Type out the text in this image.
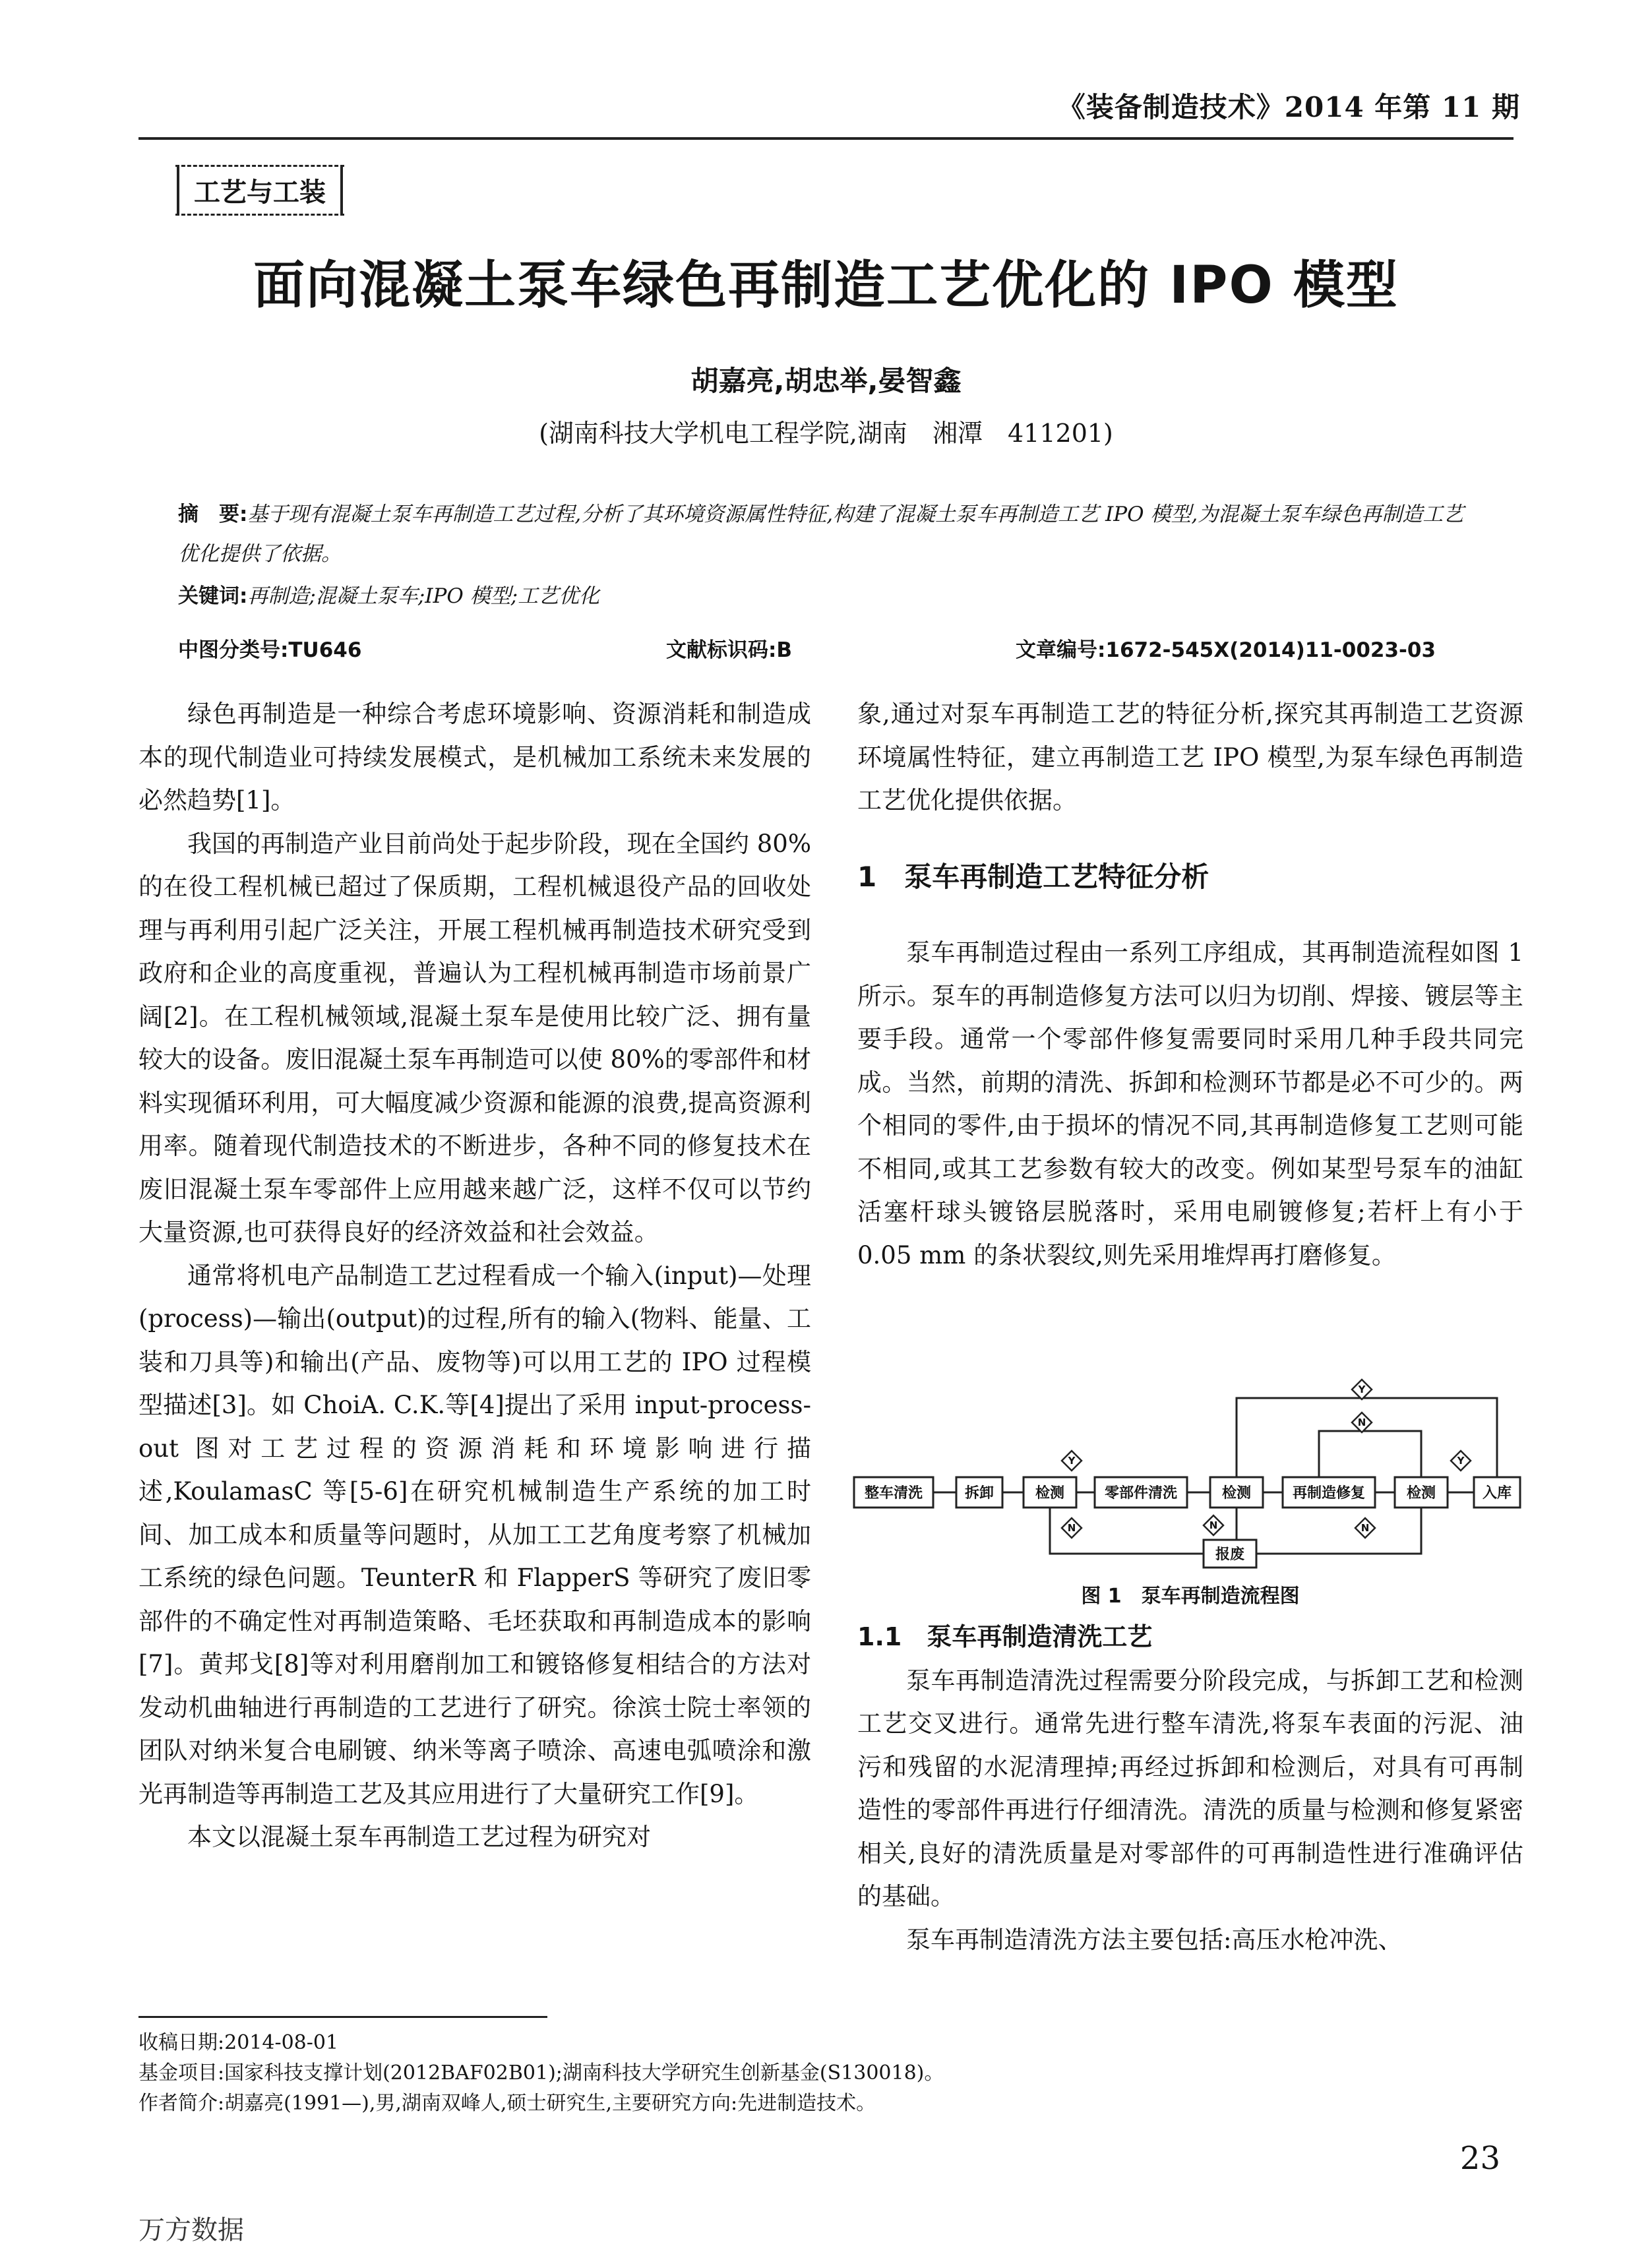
《装备制造技术》2014 年第 11 期
工艺与工装
面向混凝土泵车绿色再制造工艺优化的 IPO 模型
胡嘉亮,胡忠举,晏智鑫
(湖南科技大学机电工程学院,湖南　湘潭　411201)
摘　要:基于现有混凝土泵车再制造工艺过程,分析了其环境资源属性特征,构建了混凝土泵车再制造工艺 IPO 模型,为混凝土泵车绿色再制造工艺优化提供了依据。
关键词:再制造;混凝土泵车;IPO 模型;工艺优化
中图分类号:TU646	文献标识码:B	文章编号:1672-545X(2014)11-0023-03

绿色再制造是一种综合考虑环境影响、资源消耗和制造成本的现代制造业可持续发展模式，是机械加工系统未来发展的必然趋势[1]。

我国的再制造产业目前尚处于起步阶段，现在全国约 80%的在役工程机械已超过了保质期，工程机械退役产品的回收处理与再利用引起广泛关注，开展工程机械再制造技术研究受到政府和企业的高度重视，普遍认为工程机械再制造市场前景广阔[2]。在工程机械领域,混凝土泵车是使用比较广泛、拥有量较大的设备。废旧混凝土泵车再制造可以使 80%的零部件和材料实现循环利用，可大幅度减少资源和能源的浪费,提高资源利用率。随着现代制造技术的不断进步，各种不同的修复技术在废旧混凝土泵车零部件上应用越来越广泛，这样不仅可以节约大量资源,也可获得良好的经济效益和社会效益。

通常将机电产品制造工艺过程看成一个输入(input)—处理(process)—输出(output)的过程,所有的输入(物料、能量、工装和刀具等)和输出(产品、废物等)可以用工艺的 IPO 过程模型描述[3]。如 ChoiA. C.K.等[4]提出了采用 input-process-out 图对工艺过程的资源消耗和环境影响进行描述,KoulamasC 等[5-6]在研究机械制造生产系统的加工时间、加工成本和质量等问题时，从加工工艺角度考察了机械加工系统的绿色问题。TeunterR 和 FlapperS 等研究了废旧零部件的不确定性对再制造策略、毛坯获取和再制造成本的影响[7]。黄邦戈[8]等对利用磨削加工和镀铬修复相结合的方法对发动机曲轴进行再制造的工艺进行了研究。徐滨士院士率领的团队对纳米复合电刷镀、纳米等离子喷涂、高速电弧喷涂和激光再制造等再制造工艺及其应用进行了大量研究工作[9]。

本文以混凝土泵车再制造工艺过程为研究对

象,通过对泵车再制造工艺的特征分析,探究其再制造工艺资源环境属性特征，建立再制造工艺 IPO 模型,为泵车绿色再制造工艺优化提供依据。

1　泵车再制造工艺特征分析

泵车再制造过程由一系列工序组成，其再制造流程如图 1 所示。泵车的再制造修复方法可以归为切削、焊接、镀层等主要手段。通常一个零部件修复需要同时采用几种手段共同完成。当然，前期的清洗、拆卸和检测环节都是必不可少的。两个相同的零件,由于损坏的情况不同,其再制造修复工艺则可能不相同,或其工艺参数有较大的改变。例如某型号泵车的油缸活塞杆球头镀铬层脱落时，采用电刷镀修复;若杆上有小于 0.05 mm 的条状裂纹,则先采用堆焊再打磨修复。

Y
N
Y	Y
N	N	N
整车清洗	拆卸	检测	零部件清洗	检测	再制造修复	检测	入库
报废
图 1　泵车再制造流程图
1.1　泵车再制造清洗工艺

泵车再制造清洗过程需要分阶段完成，与拆卸工艺和检测工艺交叉进行。通常先进行整车清洗,将泵车表面的污泥、油污和残留的水泥清理掉;再经过拆卸和检测后，对具有可再制造性的零部件再进行仔细清洗。清洗的质量与检测和修复紧密相关,良好的清洗质量是对零部件的可再制造性进行准确评估的基础。

泵车再制造清洗方法主要包括:高压水枪冲洗、

收稿日期:2014-08-01
基金项目:国家科技支撑计划(2012BAF02B01);湖南科技大学研究生创新基金(S130018)。
作者简介:胡嘉亮(1991—),男,湖南双峰人,硕士研究生,主要研究方向:先进制造技术。
23
万方数据
